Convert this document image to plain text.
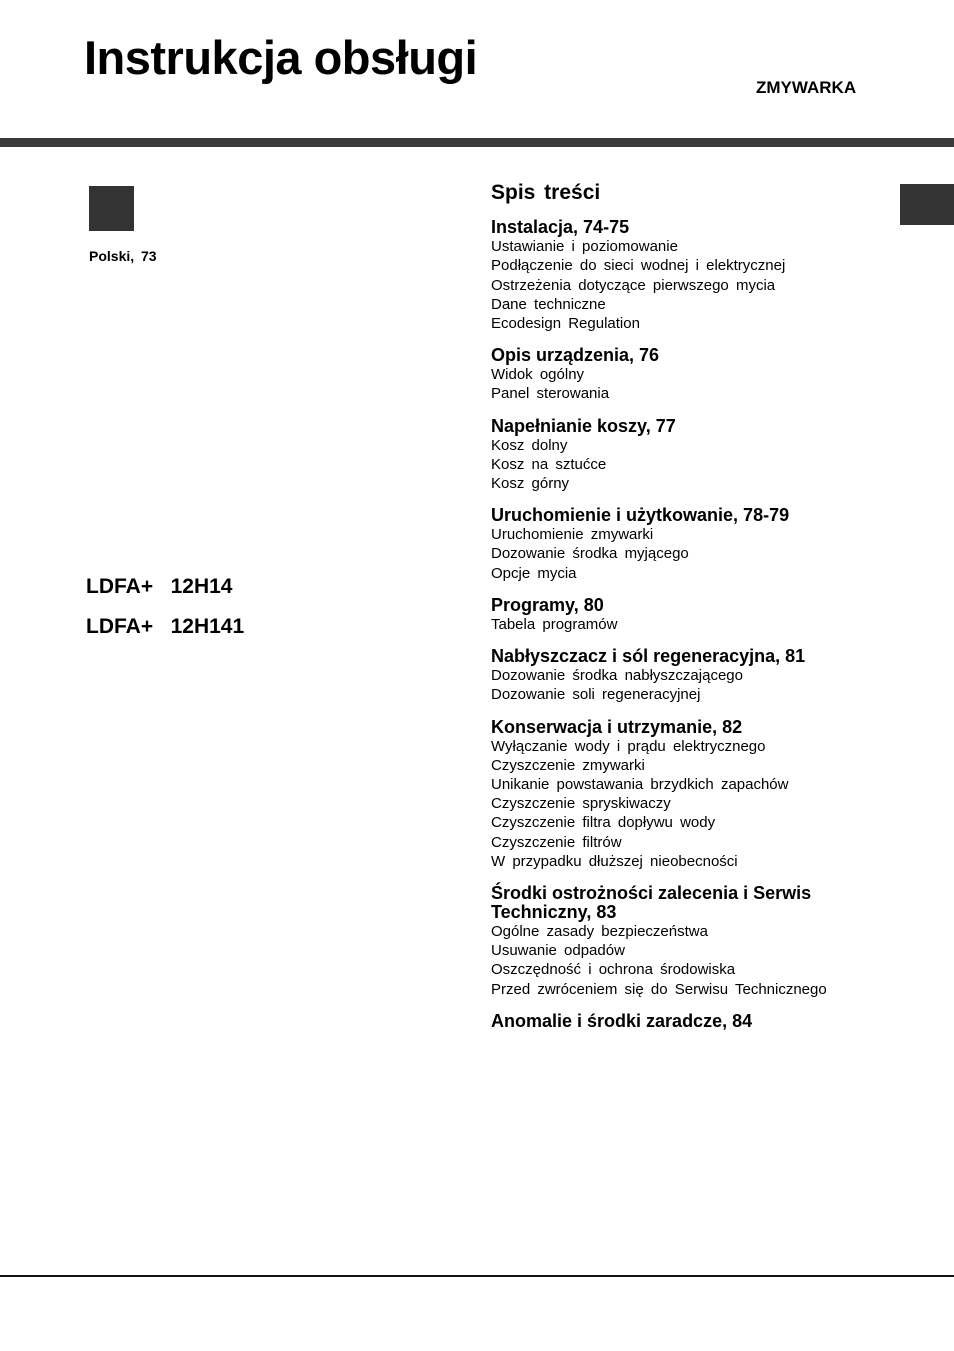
Instrukcja obsługi
ZMYWARKA
Polski, 73
LDFA+   12H14
LDFA+   12H141
Spis treści
Instalacja, 74-75
Ustawianie i poziomowanie
Podłączenie do sieci wodnej i elektrycznej
Ostrzeżenia dotyczące pierwszego mycia
Dane techniczne
Ecodesign Regulation
Opis urządzenia, 76
Widok ogólny
Panel sterowania
Napełnianie koszy, 77
Kosz dolny
Kosz na sztućce
Kosz górny
Uruchomienie i użytkowanie, 78-79
Uruchomienie zmywarki
Dozowanie środka myjącego
Opcje mycia
Programy, 80
Tabela programów
Nabłyszczacz i sól regeneracyjna, 81
Dozowanie środka nabłyszczającego
Dozowanie soli regeneracyjnej
Konserwacja i utrzymanie, 82
Wyłączanie wody i prądu elektrycznego
Czyszczenie zmywarki
Unikanie powstawania brzydkich zapachów
Czyszczenie spryskiwaczy
Czyszczenie filtra dopływu wody
Czyszczenie filtrów
W przypadku dłuższej nieobecności
Środki ostrożności zalecenia i Serwis Techniczny, 83
Ogólne zasady bezpieczeństwa
Usuwanie odpadów
Oszczędność i ochrona środowiska
Przed zwróceniem się do Serwisu Technicznego
Anomalie i środki zaradcze, 84
